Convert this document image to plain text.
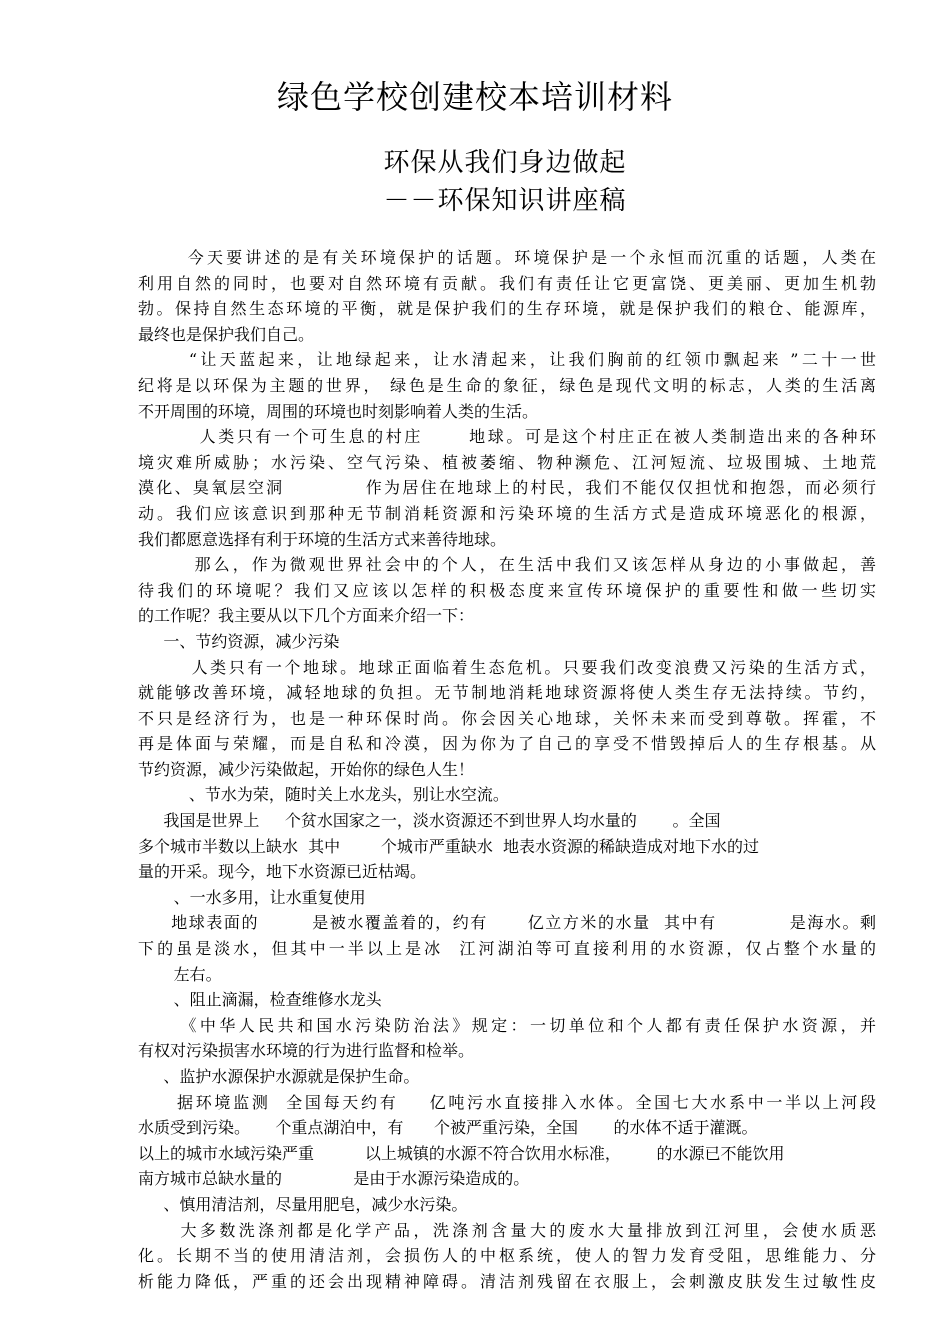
绿色学校创建校本培训材料
环保从我们身边做起
－－环保知识讲座稿
今天要讲述的是有关环境保护的话题。环境保护是一个永恒而沉重的话题，人类在
利用自然的同时，也要对自然环境有贡献。我们有责任让它更富饶、更美丽、更加生机勃
勃。保持自然生态环境的平衡，就是保护我们的生存环境，就是保护我们的粮仓、能源库，
最终也是保护我们自己。
“让天蓝起来，让地绿起来，让水清起来，让我们胸前的红领巾飘起来 ”二十一世
纪将是以环保为主题的世界， 绿色是生命的象征，绿色是现代文明的标志，人类的生活离
不开周围的环境，周围的环境也时刻影响着人类的生活。
人类只有一个可生息的村庄      地球。可是这个村庄正在被人类制造出来的各种环
境灾难所威胁；水污染、空气污染、植被萎缩、物种濒危、江河短流、垃圾围城、土地荒
漠化、臭氧层空洞           作为居住在地球上的村民，我们不能仅仅担忧和抱怨，而必须行
动。我们应该意识到那种无节制消耗资源和污染环境的生活方式是造成环境恶化的根源，
我们都愿意选择有利于环境的生活方式来善待地球。
那么，作为微观世界社会中的个人，在生活中我们又该怎样从身边的小事做起，善
待我们的环境呢？我们又应该以怎样的积极态度来宣传环境保护的重要性和做一些切实
的工作呢？我主要从以下几个方面来介绍一下：
一、节约资源，减少污染
人类只有一个地球。地球正面临着生态危机。只要我们改变浪费又污染的生活方式，
就能够改善环境，减轻地球的负担。无节制地消耗地球资源将使人类生存无法持续。节约，
不只是经济行为，也是一种环保时尚。你会因关心地球，关怀未来而受到尊敬。挥霍，不
再是体面与荣耀，而是自私和冷漠，因为你为了自己的享受不惜毁掉后人的生存根基。从
节约资源，减少污染做起，开始你的绿色人生！
、节水为荣，随时关上水龙头，别让水空流。
我国是世界上     个贫水国家之一，淡水资源还不到世界人均水量的       。全国
多个城市半数以上缺水  其中        个城市严重缺水  地表水资源的稀缺造成对地下水的过
量的开采。现今，地下水资源已近枯竭。
、一水多用，让水重复使用
地球表面的        是被水覆盖着的，约有      亿立方米的水量  其中有           是海水。剩
下的虽是淡水，但其中一半以上是冰  江河湖泊等可直接利用的水资源，仅占整个水量的
左右。
、阻止滴漏，检查维修水龙头
《中华人民共和国水污染防治法》规定：一切单位和个人都有责任保护水资源，并
有权对污染损害水环境的行为进行监督和检举。
、监护水源保护水源就是保护生命。
据环境监测  全国每天约有    亿吨污水直接排入水体。全国七大水系中一半以上河段
水质受到污染。     个重点湖泊中，有      个被严重污染，全国       的水体不适于灌溉。
以上的城市水域污染严重          以上城镇的水源不符合饮用水标准，       的水源已不能饮用
南方城市总缺水量的              是由于水源污染造成的。
、慎用清洁剂，尽量用肥皂，减少水污染。
大多数洗涤剂都是化学产品，洗涤剂含量大的废水大量排放到江河里，会使水质恶
化。长期不当的使用清洁剂，会损伤人的中枢系统，使人的智力发育受阻，思维能力、分
析能力降低，严重的还会出现精神障碍。清洁剂残留在衣服上，会刺激皮肤发生过敏性皮
